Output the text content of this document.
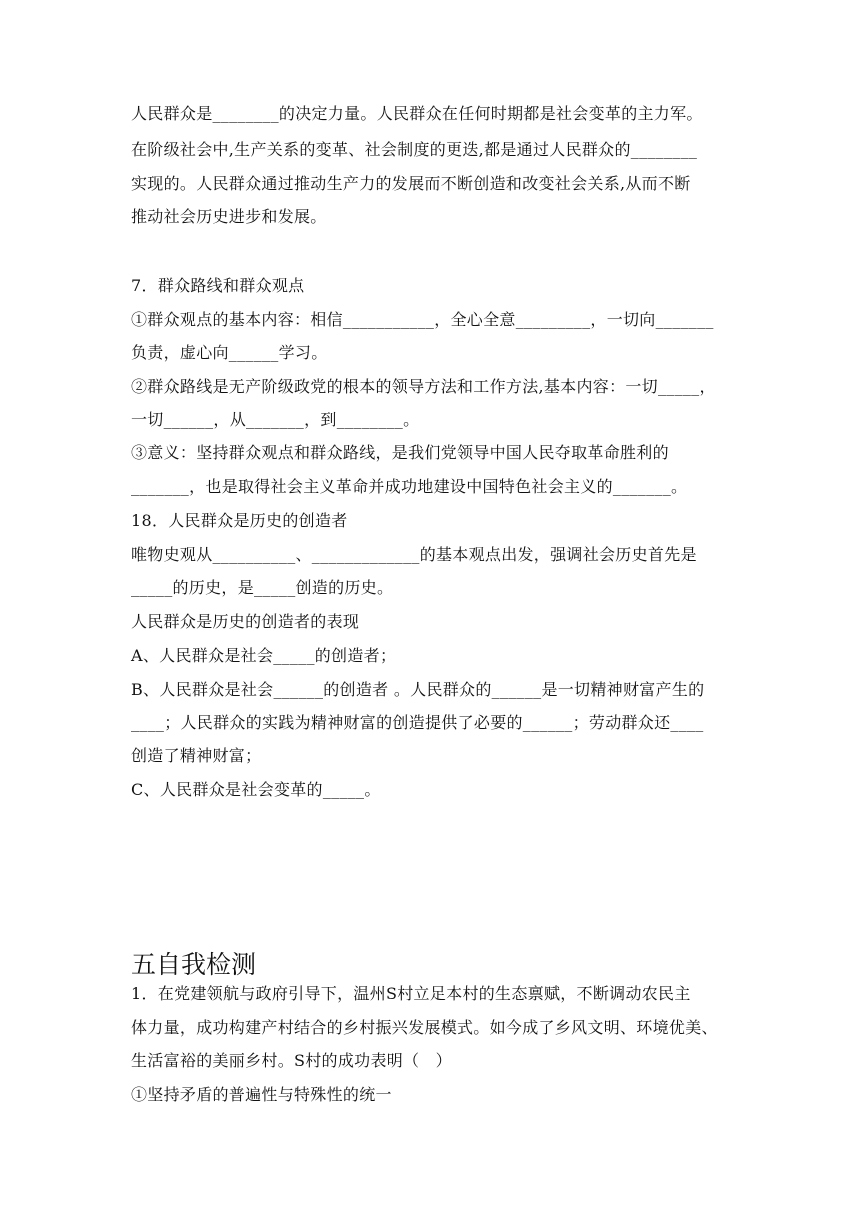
人民群众是________的决定力量。人民群众在任何时期都是社会变革的主力军。
在阶级社会中,生产关系的变革、社会制度的更迭,都是通过人民群众的________
实现的。人民群众通过推动生产力的发展而不断创造和改变社会关系,从而不断
推动社会历史进步和发展。
7．群众路线和群众观点
①群众观点的基本内容：相信___________，全心全意_________，一切向_______
负责，虚心向______学习。
②群众路线是无产阶级政党的根本的领导方法和工作方法,基本内容：一切_____，
一切______，从_______，到________。
③意义：坚持群众观点和群众路线，是我们党领导中国人民夺取革命胜利的
_______，也是取得社会主义革命并成功地建设中国特色社会主义的_______。
18．人民群众是历史的创造者
唯物史观从__________、_____________的基本观点出发，强调社会历史首先是
_____的历史，是_____创造的历史。
人民群众是历史的创造者的表现
A、人民群众是社会_____的创造者；
B、人民群众是社会______的创造者 。人民群众的______是一切精神财富产生的
____；人民群众的实践为精神财富的创造提供了必要的______；劳动群众还____
创造了精神财富；
C、人民群众是社会变革的_____。
五自我检测
1．在党建领航与政府引导下，温州S村立足本村的生态禀赋，不断调动农民主
体力量，成功构建产村结合的乡村振兴发展模式。如今成了乡风文明、环境优美、
生活富裕的美丽乡村。S村的成功表明（　）
①坚持矛盾的普遍性与特殊性的统一
